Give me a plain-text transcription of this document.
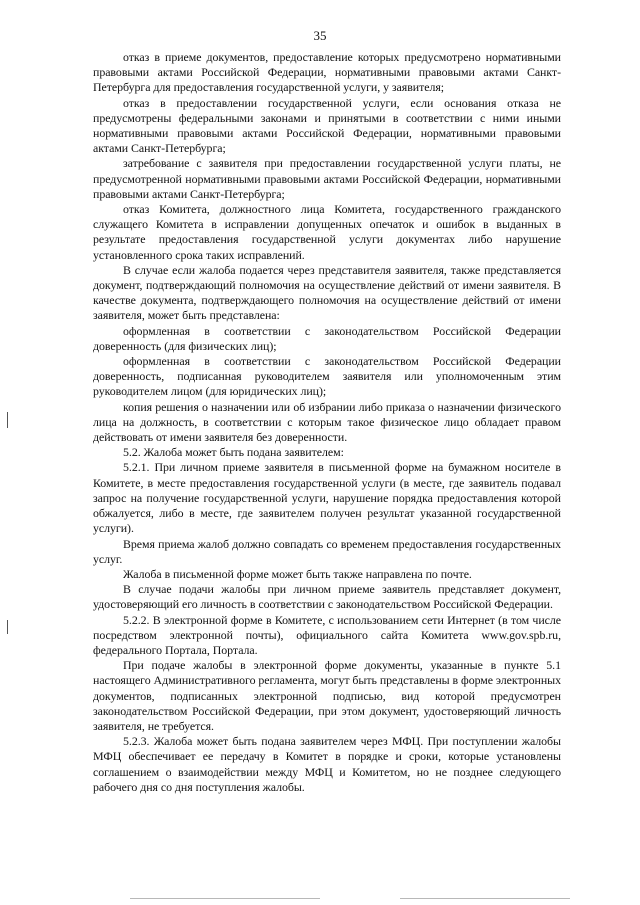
35

отказ в приеме документов, предоставление которых предусмотрено нормативными правовыми актами Российской Федерации, нормативными правовыми актами Санкт-Петербурга для предоставления государственной услуги, у заявителя;

отказ в предоставлении государственной услуги, если основания отказа не предусмотрены федеральными законами и принятыми в соответствии с ними иными нормативными правовыми актами Российской Федерации, нормативными правовыми актами Санкт-Петербурга;

затребование с заявителя при предоставлении государственной услуги платы, не предусмотренной нормативными правовыми актами Российской Федерации, нормативными правовыми актами Санкт-Петербурга;

отказ Комитета, должностного лица Комитета, государственного гражданского служащего Комитета в исправлении допущенных опечаток и ошибок в выданных в результате предоставления государственной услуги документах либо нарушение установленного срока таких исправлений.

В случае если жалоба подается через представителя заявителя, также представляется документ, подтверждающий полномочия на осуществление действий от имени заявителя. В качестве документа, подтверждающего полномочия на осуществление действий от имени заявителя, может быть представлена:

оформленная в соответствии с законодательством Российской Федерации доверенность (для физических лиц);

оформленная в соответствии с законодательством Российской Федерации доверенность, подписанная руководителем заявителя или уполномоченным этим руководителем лицом (для юридических лиц);

копия решения о назначении или об избрании либо приказа о назначении физического лица на должность, в соответствии с которым такое физическое лицо обладает правом действовать от имени заявителя без доверенности.

5.2. Жалоба может быть подана заявителем:

5.2.1. При личном приеме заявителя в письменной форме на бумажном носителе в Комитете, в месте предоставления государственной услуги (в месте, где заявитель подавал запрос на получение государственной услуги, нарушение порядка предоставления которой обжалуется, либо в месте, где заявителем получен результат указанной государственной услуги).

Время приема жалоб должно совпадать со временем предоставления государственных услуг.

Жалоба в письменной форме может быть также направлена по почте.

В случае подачи жалобы при личном приеме заявитель представляет документ, удостоверяющий его личность в соответствии с законодательством Российской Федерации.

5.2.2. В электронной форме в Комитете, с использованием сети Интернет (в том числе посредством электронной почты), официального сайта Комитета www.gov.spb.ru, федерального Портала, Портала.

При подаче жалобы в электронной форме документы, указанные в пункте 5.1 настоящего Административного регламента, могут быть представлены в форме электронных документов, подписанных электронной подписью, вид которой предусмотрен законодательством Российской Федерации, при этом документ, удостоверяющий личность заявителя, не требуется.

5.2.3. Жалоба может быть подана заявителем через МФЦ. При поступлении жалобы МФЦ обеспечивает ее передачу в Комитет в порядке и сроки, которые установлены соглашением о взаимодействии между МФЦ и Комитетом, но не позднее следующего рабочего дня со дня поступления жалобы.
